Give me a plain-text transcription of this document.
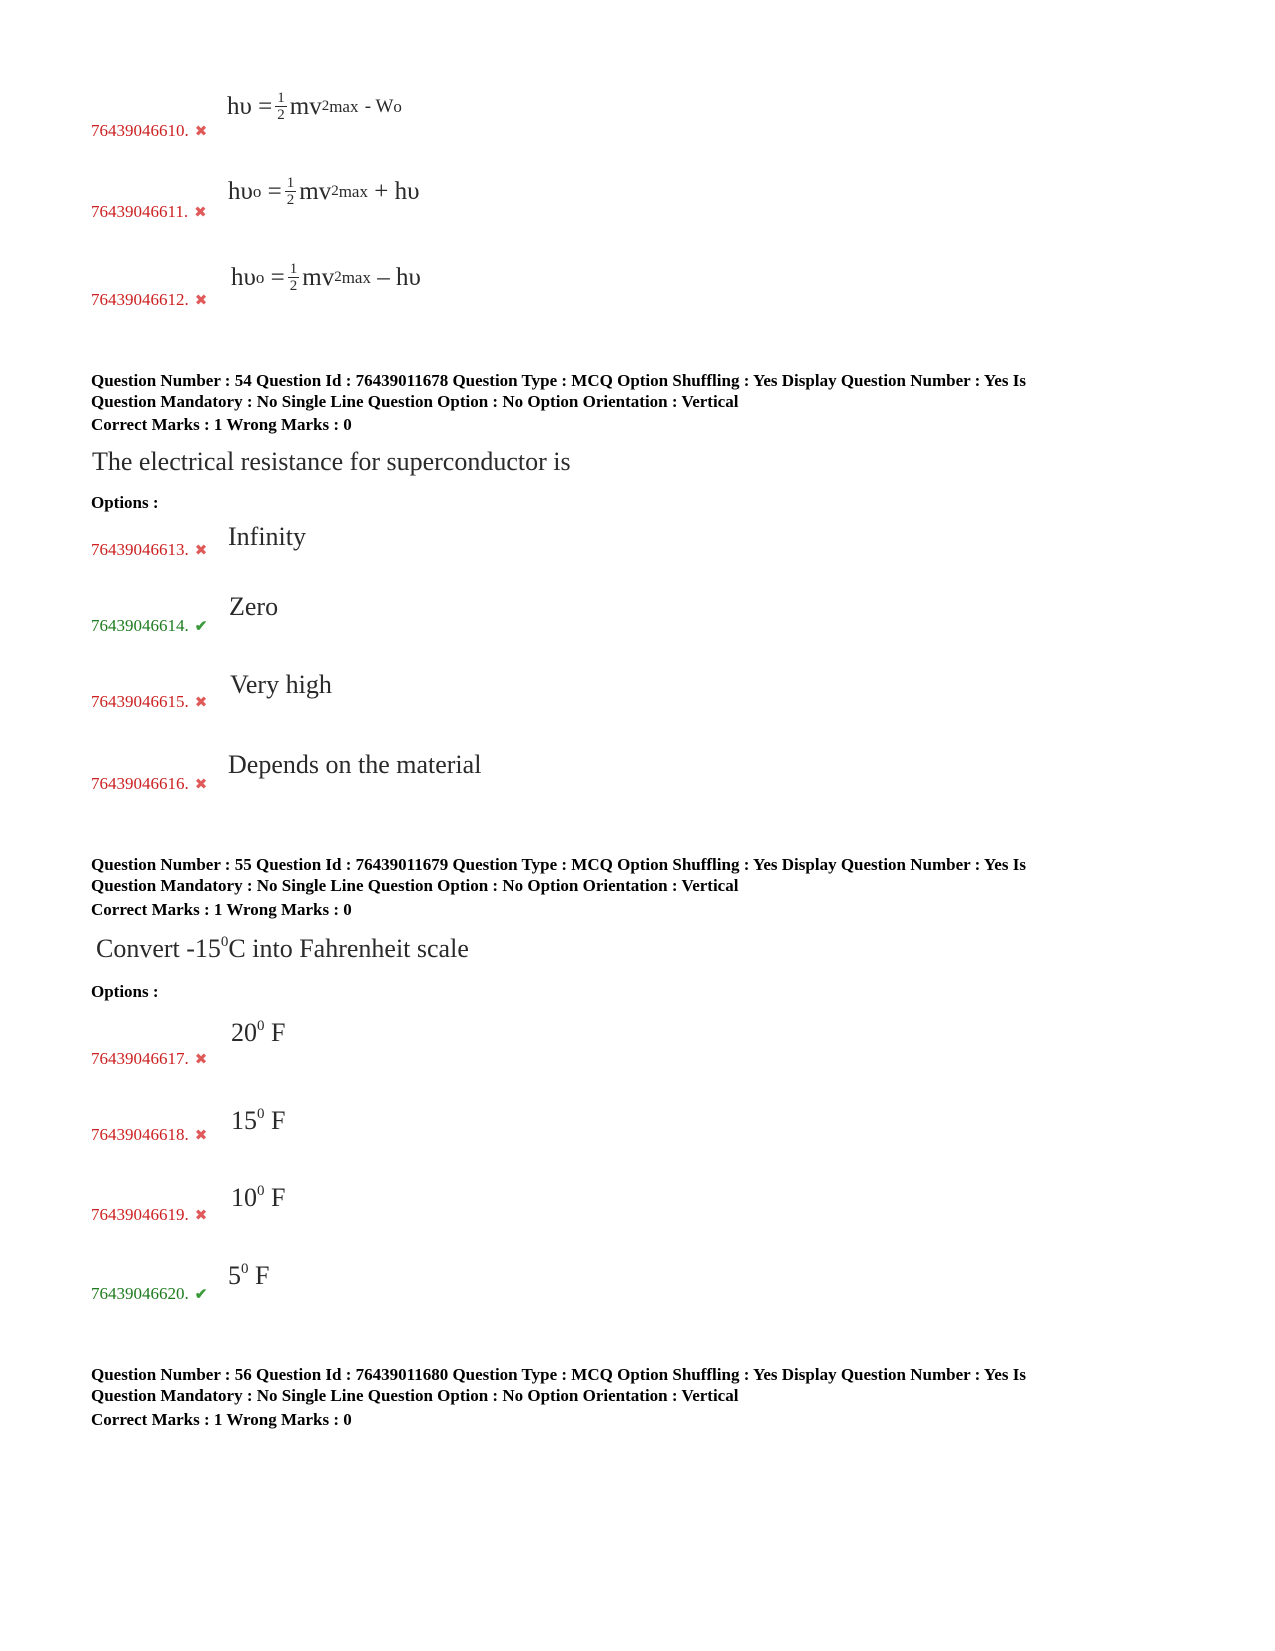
76439046610. ✖
$h\upsilon = \frac{1}{2}$ mv 2 max
- W o
76439046611. ✖
hυ $o = \frac{1}{2}$ mv 2 max
+ hυ
76439046612. ✖
hυ $o = \frac{1}{2}$ mv 2 max
– hυ
Question Number : 54 Question Id : 76439011678 Question Type : MCQ Option Shuffling : Yes Display Question Number : Yes Is
Question Mandatory : No Single Line Question Option : No Option Orientation : Vertical
Correct Marks : 1 Wrong Marks : 0
The electrical resistance for superconductor is
Options :
76439046613. ✖ Infinity
76439046614. ✔
Zero
76439046615. ✖
Very high
76439046616. ✖
Depends on the material
Question Number : 55 Question Id : 76439011679 Question Type : MCQ Option Shuffling : Yes Display Question Number : Yes Is
Question Mandatory : No Single Line Question Option : No Option Orientation : Vertical
Correct Marks : 1 Wrong Marks : 0
Convert $-15^0C$ into Fahrenheit scale
Options :
76439046617. ✖
$20^0$ F
76439046618. ✖
$15^0$ F
76439046619. ✖
$10^0$ F
76439046620. ✔
$5^0$ F
Question Number : 56 Question Id : 76439011680 Question Type : MCQ Option Shuffling : Yes Display Question Number : Yes Is
Question Mandatory : No Single Line Question Option : No Option Orientation : Vertical
Correct Marks : 1 Wrong Marks : 0
